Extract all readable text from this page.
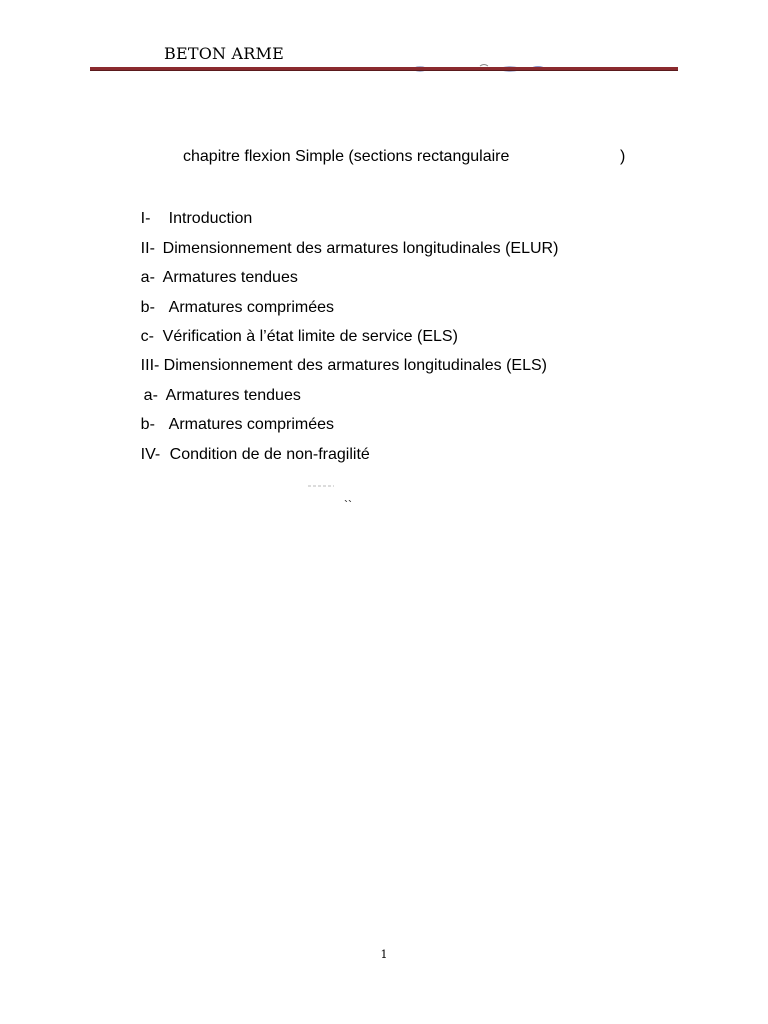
BETON ARME
chapitre flexion Simple (sections rectangulaire	)

I- Introduction

II- Dimensionnement des armatures longitudinales (ELUR)

a- Armatures tendues

b- Armatures comprimées

c- Vérification à l’état limite de service (ELS)

III- Dimensionnement des armatures longitudinales (ELS)

a- Armatures tendues

b- Armatures comprimées

IV- Condition de de non-fragilité

``
1
